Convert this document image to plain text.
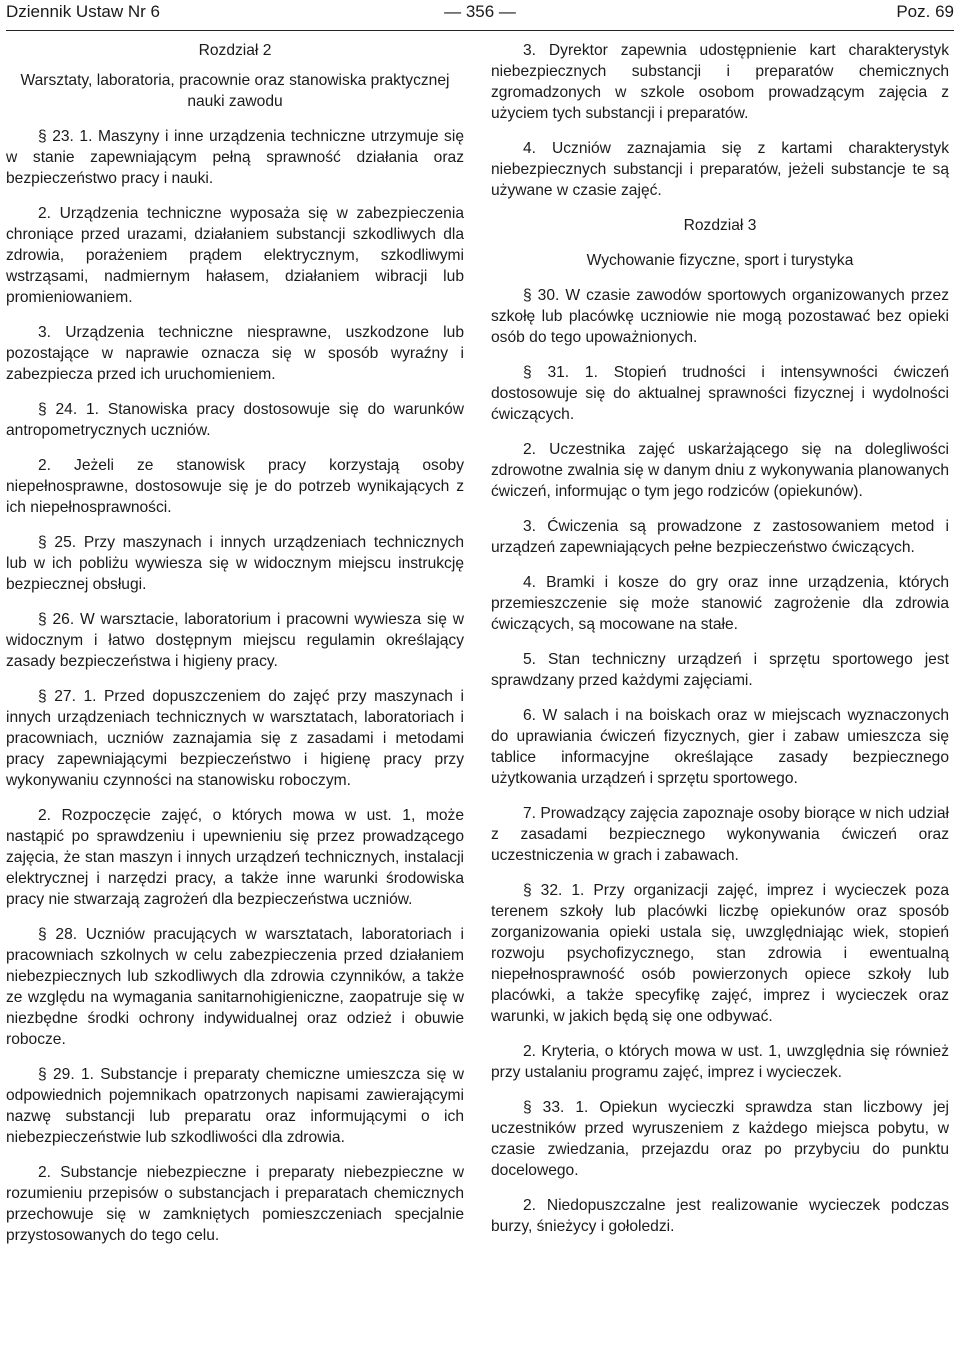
Dziennik Ustaw Nr 6	— 356 —	Poz. 69

Rozdział 2

Warsztaty, laboratoria, pracownie oraz stanowiska praktycznej nauki zawodu

§ 23. 1. Maszyny i inne urządzenia techniczne utrzymuje się w stanie zapewniającym pełną sprawność działania oraz bezpieczeństwo pracy i nauki.

2. Urządzenia techniczne wyposaża się w zabezpieczenia chroniące przed urazami, działaniem substancji szkodliwych dla zdrowia, porażeniem prądem elektrycznym, szkodliwymi wstrząsami, nadmiernym hałasem, działaniem wibracji lub promieniowaniem.

3. Urządzenia techniczne niesprawne, uszkodzone lub pozostające w naprawie oznacza się w sposób wyraźny i zabezpiecza przed ich uruchomieniem.

§ 24. 1. Stanowiska pracy dostosowuje się do warunków antropometrycznych uczniów.

2. Jeżeli ze stanowisk pracy korzystają osoby niepełnosprawne, dostosowuje się je do potrzeb wynikających z ich niepełnosprawności.

§ 25. Przy maszynach i innych urządzeniach technicznych lub w ich pobliżu wywiesza się w widocznym miejscu instrukcję bezpiecznej obsługi.

§ 26. W warsztacie, laboratorium i pracowni wywiesza się w widocznym i łatwo dostępnym miejscu regulamin określający zasady bezpieczeństwa i higieny pracy.

§ 27. 1. Przed dopuszczeniem do zajęć przy maszynach i innych urządzeniach technicznych w warsztatach, laboratoriach i pracowniach, uczniów zaznajamia się z zasadami i metodami pracy zapewniającymi bezpieczeństwo i higienę pracy przy wykonywaniu czynności na stanowisku roboczym.

2. Rozpoczęcie zajęć, o których mowa w ust. 1, może nastąpić po sprawdzeniu i upewnieniu się przez prowadzącego zajęcia, że stan maszyn i innych urządzeń technicznych, instalacji elektrycznej i narzędzi pracy, a także inne warunki środowiska pracy nie stwarzają zagrożeń dla bezpieczeństwa uczniów.

§ 28. Uczniów pracujących w warsztatach, laboratoriach i pracowniach szkolnych w celu zabezpieczenia przed działaniem niebezpiecznych lub szkodliwych dla zdrowia czynników, a także ze względu na wymagania sanitarnohigieniczne, zaopatruje się w niezbędne środki ochrony indywidualnej oraz odzież i obuwie robocze.

§ 29. 1. Substancje i preparaty chemiczne umieszcza się w odpowiednich pojemnikach opatrzonych napisami zawierającymi nazwę substancji lub preparatu oraz informującymi o ich niebezpieczeństwie lub szkodliwości dla zdrowia.

2. Substancje niebezpieczne i preparaty niebezpieczne w rozumieniu przepisów o substancjach i preparatach chemicznych przechowuje się w zamkniętych pomieszczeniach specjalnie przystosowanych do tego celu.

3. Dyrektor zapewnia udostępnienie kart charakterystyk niebezpiecznych substancji i preparatów chemicznych zgromadzonych w szkole osobom prowadzącym zajęcia z użyciem tych substancji i preparatów.

4. Uczniów zaznajamia się z kartami charakterystyk niebezpiecznych substancji i preparatów, jeżeli substancje te są używane w czasie zajęć.

Rozdział 3

Wychowanie fizyczne, sport i turystyka

§ 30. W czasie zawodów sportowych organizowanych przez szkołę lub placówkę uczniowie nie mogą pozostawać bez opieki osób do tego upoważnionych.

§ 31. 1. Stopień trudności i intensywności ćwiczeń dostosowuje się do aktualnej sprawności fizycznej i wydolności ćwiczących.

2. Uczestnika zajęć uskarżającego się na dolegliwości zdrowotne zwalnia się w danym dniu z wykonywania planowanych ćwiczeń, informując o tym jego rodziców (opiekunów).

3. Ćwiczenia są prowadzone z zastosowaniem metod i urządzeń zapewniających pełne bezpieczeństwo ćwiczących.

4. Bramki i kosze do gry oraz inne urządzenia, których przemieszczenie się może stanowić zagrożenie dla zdrowia ćwiczących, są mocowane na stałe.

5. Stan techniczny urządzeń i sprzętu sportowego jest sprawdzany przed każdymi zajęciami.

6. W salach i na boiskach oraz w miejscach wyznaczonych do uprawiania ćwiczeń fizycznych, gier i zabaw umieszcza się tablice informacyjne określające zasady bezpiecznego użytkowania urządzeń i sprzętu sportowego.

7. Prowadzący zajęcia zapoznaje osoby biorące w nich udział z zasadami bezpiecznego wykonywania ćwiczeń oraz uczestniczenia w grach i zabawach.

§ 32. 1. Przy organizacji zajęć, imprez i wycieczek poza terenem szkoły lub placówki liczbę opiekunów oraz sposób zorganizowania opieki ustala się, uwzględniając wiek, stopień rozwoju psychofizycznego, stan zdrowia i ewentualną niepełnosprawność osób powierzonych opiece szkoły lub placówki, a także specyfikę zajęć, imprez i wycieczek oraz warunki, w jakich będą się one odbywać.

2. Kryteria, o których mowa w ust. 1, uwzględnia się również przy ustalaniu programu zajęć, imprez i wycieczek.

§ 33. 1. Opiekun wycieczki sprawdza stan liczbowy jej uczestników przed wyruszeniem z każdego miejsca pobytu, w czasie zwiedzania, przejazdu oraz po przybyciu do punktu docelowego.

2. Niedopuszczalne jest realizowanie wycieczek podczas burzy, śnieżycy i gołoledzi.
